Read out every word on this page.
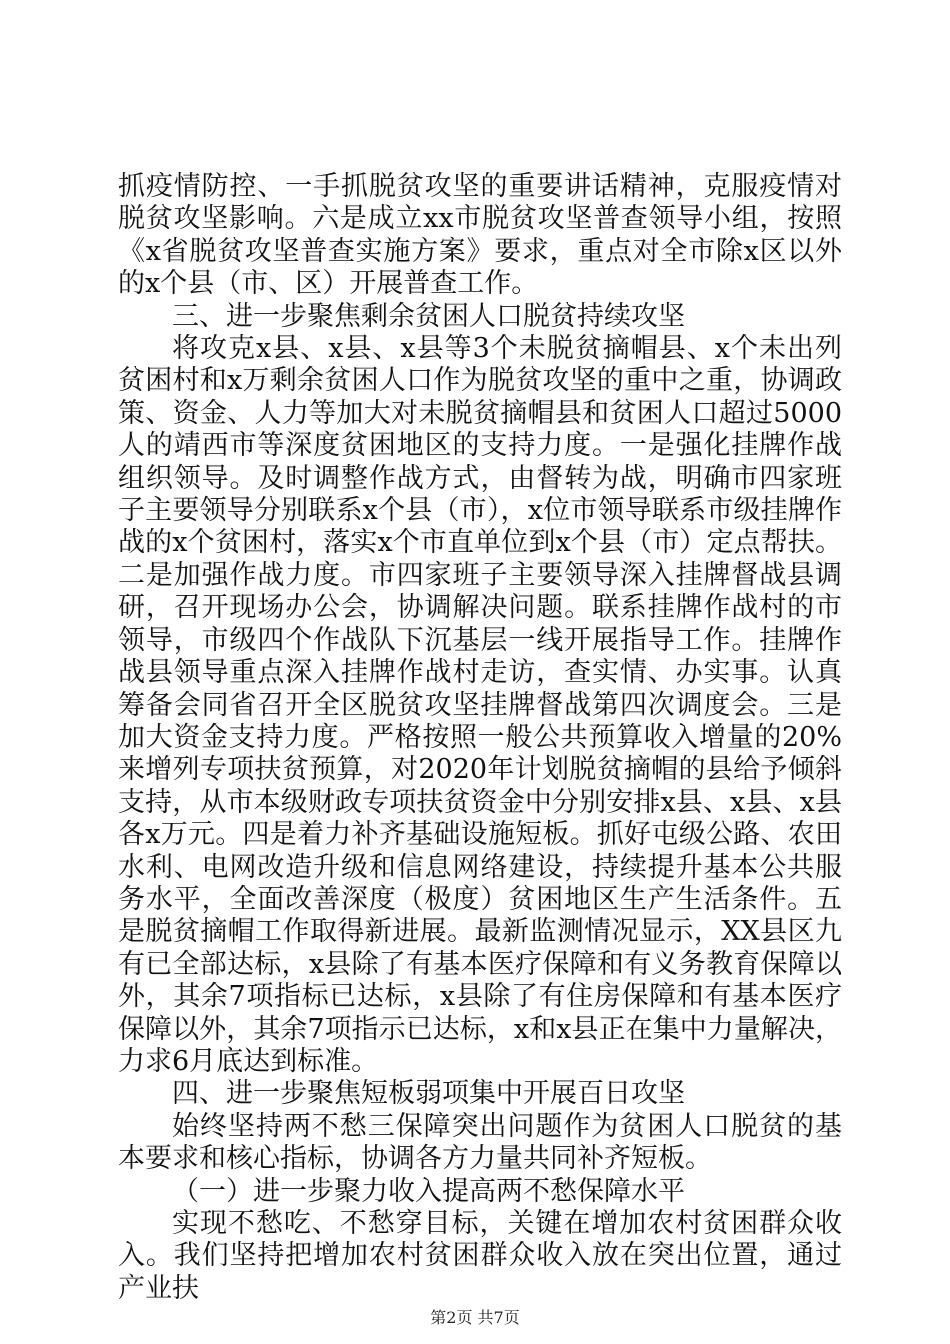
抓疫情防控、一手抓脱贫攻坚的重要讲话精神，克服疫情对脱贫攻坚影响。六是成立xx市脱贫攻坚普查领导小组，按照《x省脱贫攻坚普查实施方案》要求，重点对全市除x区以外的x个县（市、区）开展普查工作。

三、进一步聚焦剩余贫困人口脱贫持续攻坚

将攻克x县、x县、x县等3个未脱贫摘帽县、x个未出列贫困村和x万剩余贫困人口作为脱贫攻坚的重中之重，协调政策、资金、人力等加大对未脱贫摘帽县和贫困人口超过5000人的靖西市等深度贫困地区的支持力度。一是强化挂牌作战组织领导。及时调整作战方式，由督转为战，明确市四家班子主要领导分别联系x个县（市），x位市领导联系市级挂牌作战的x个贫困村，落实x个市直单位到x个县（市）定点帮扶。二是加强作战力度。市四家班子主要领导深入挂牌督战县调研，召开现场办公会，协调解决问题。联系挂牌作战村的市领导，市级四个作战队下沉基层一线开展指导工作。挂牌作战县领导重点深入挂牌作战村走访，查实情、办实事。认真筹备会同省召开全区脱贫攻坚挂牌督战第四次调度会。三是加大资金支持力度。严格按照一般公共预算收入增量的20%来增列专项扶贫预算，对2020年计划脱贫摘帽的县给予倾斜支持，从市本级财政专项扶贫资金中分别安排x县、x县、x县各x万元。四是着力补齐基础设施短板。抓好屯级公路、农田水利、电网改造升级和信息网络建设，持续提升基本公共服务水平，全面改善深度（极度）贫困地区生产生活条件。五是脱贫摘帽工作取得新进展。最新监测情况显示，XX县区九有已全部达标，x县除了有基本医疗保障和有义务教育保障以外，其余7项指标已达标，x县除了有住房保障和有基本医疗保障以外，其余7项指示已达标，x和x县正在集中力量解决，力求6月底达到标准。

四、进一步聚焦短板弱项集中开展百日攻坚

始终坚持两不愁三保障突出问题作为贫困人口脱贫的基本要求和核心指标，协调各方力量共同补齐短板。

（一）进一步聚力收入提高两不愁保障水平

实现不愁吃、不愁穿目标，关键在增加农村贫困群众收入。我们坚持把增加农村贫困群众收入放在突出位置，通过产业扶

第2页 共7页
